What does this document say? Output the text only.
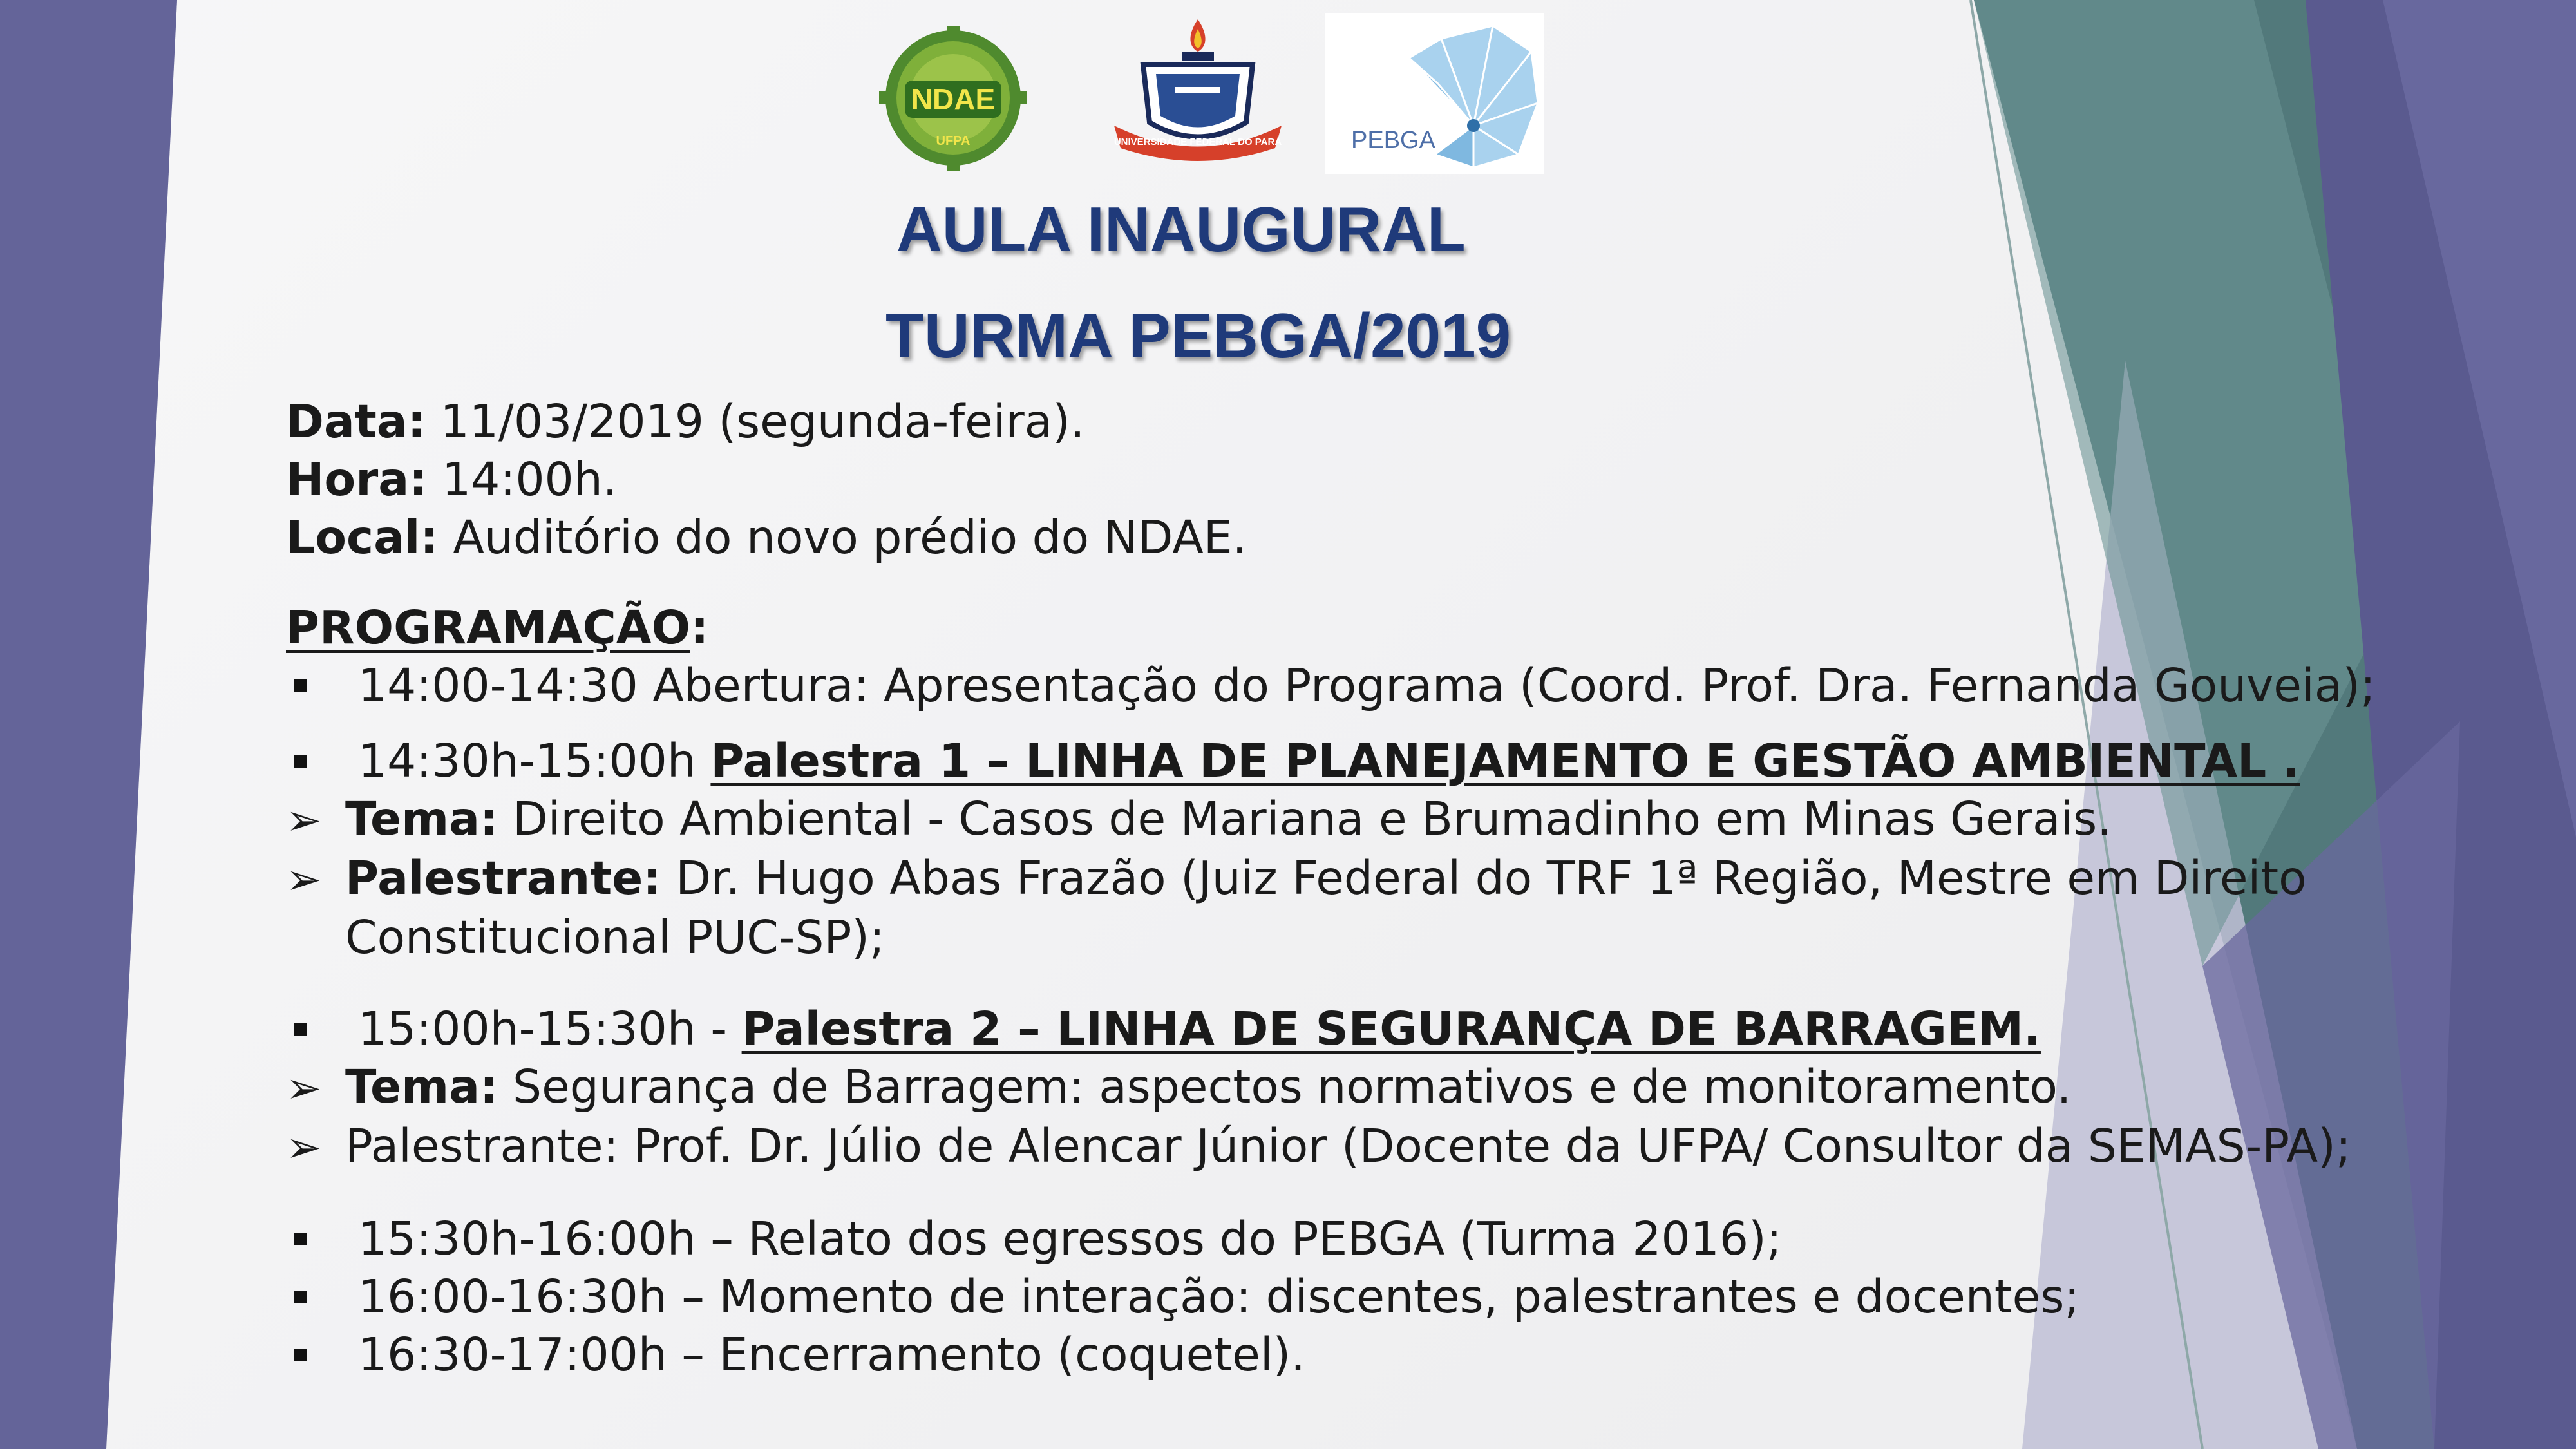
NDAE
UFPA	UNIVERSIDADE FEDERAL DO PARÁ	PEBGA
AULA INAUGURAL
TURMA PEBGA/2019
Data: 11/03/2019 (segunda-feira).
Hora: 14:00h.
Local: Auditório do novo prédio do NDAE.
PROGRAMAÇÃO:
14:00-14:30 Abertura: Apresentação do Programa (Coord. Prof. Dra. Fernanda Gouveia);
14:30h-15:00h Palestra 1 – LINHA DE PLANEJAMENTO E GESTÃO AMBIENTAL .
➢ Tema: Direito Ambiental - Casos de Mariana e Brumadinho em Minas Gerais.
➢ Palestrante: Dr. Hugo Abas Frazão (Juiz Federal do TRF 1ª Região, Mestre em Direito
Constitucional PUC-SP);
15:00h-15:30h - Palestra 2 – LINHA DE SEGURANÇA DE BARRAGEM.
➢ Tema: Segurança de Barragem: aspectos normativos e de monitoramento.
➢ Palestrante: Prof. Dr. Júlio de Alencar Júnior (Docente da UFPA/ Consultor da SEMAS-PA);
15:30h-16:00h – Relato dos egressos do PEBGA (Turma 2016);
16:00-16:30h – Momento de interação: discentes, palestrantes e docentes;
16:30-17:00h – Encerramento (coquetel).
